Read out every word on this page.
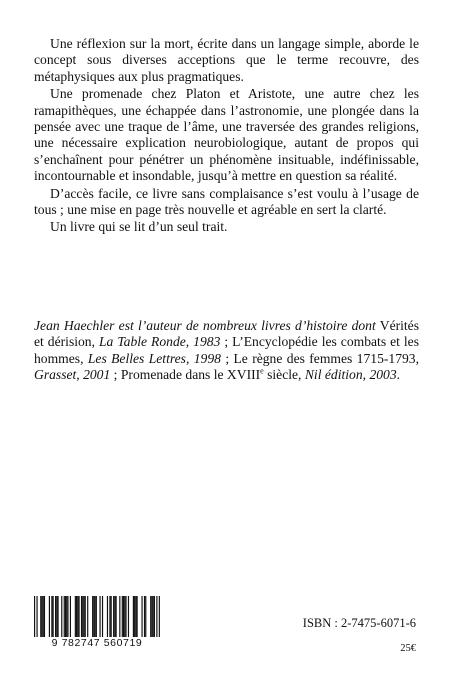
Une réflexion sur la mort, écrite dans un langage simple, aborde le concept sous diverses acceptions que le terme recouvre, des métaphysiques aux plus pragmatiques.

Une promenade chez Platon et Aristote, une autre chez les ramapithèques, une échappée dans l’astronomie, une plongée dans la pensée avec une traque de l’âme, une traversée des grandes religions, une nécessaire explication neurobiologique, autant de propos qui s’enchaînent pour pénétrer un phénomène insituable, indéfinissable, incontournable et insondable, jusqu’à mettre en question sa réalité.

D’accès facile, ce livre sans complaisance s’est voulu à l’usage de tous ; une mise en page très nouvelle et agréable en sert la clarté.

Un livre qui se lit d’un seul trait.

Jean Haechler est l’auteur de nombreux livres d’histoire dont Vérités et dérision, La Table Ronde, 1983 ; L’Encyclopédie les combats et les hommes, Les Belles Lettres, 1998 ; Le règne des femmes 1715-1793, Grasset, 2001 ; Promenade dans le XVIIIe siècle, Nil édition, 2003.
9 782747 560719
ISBN : 2-7475-6071-6
25€
